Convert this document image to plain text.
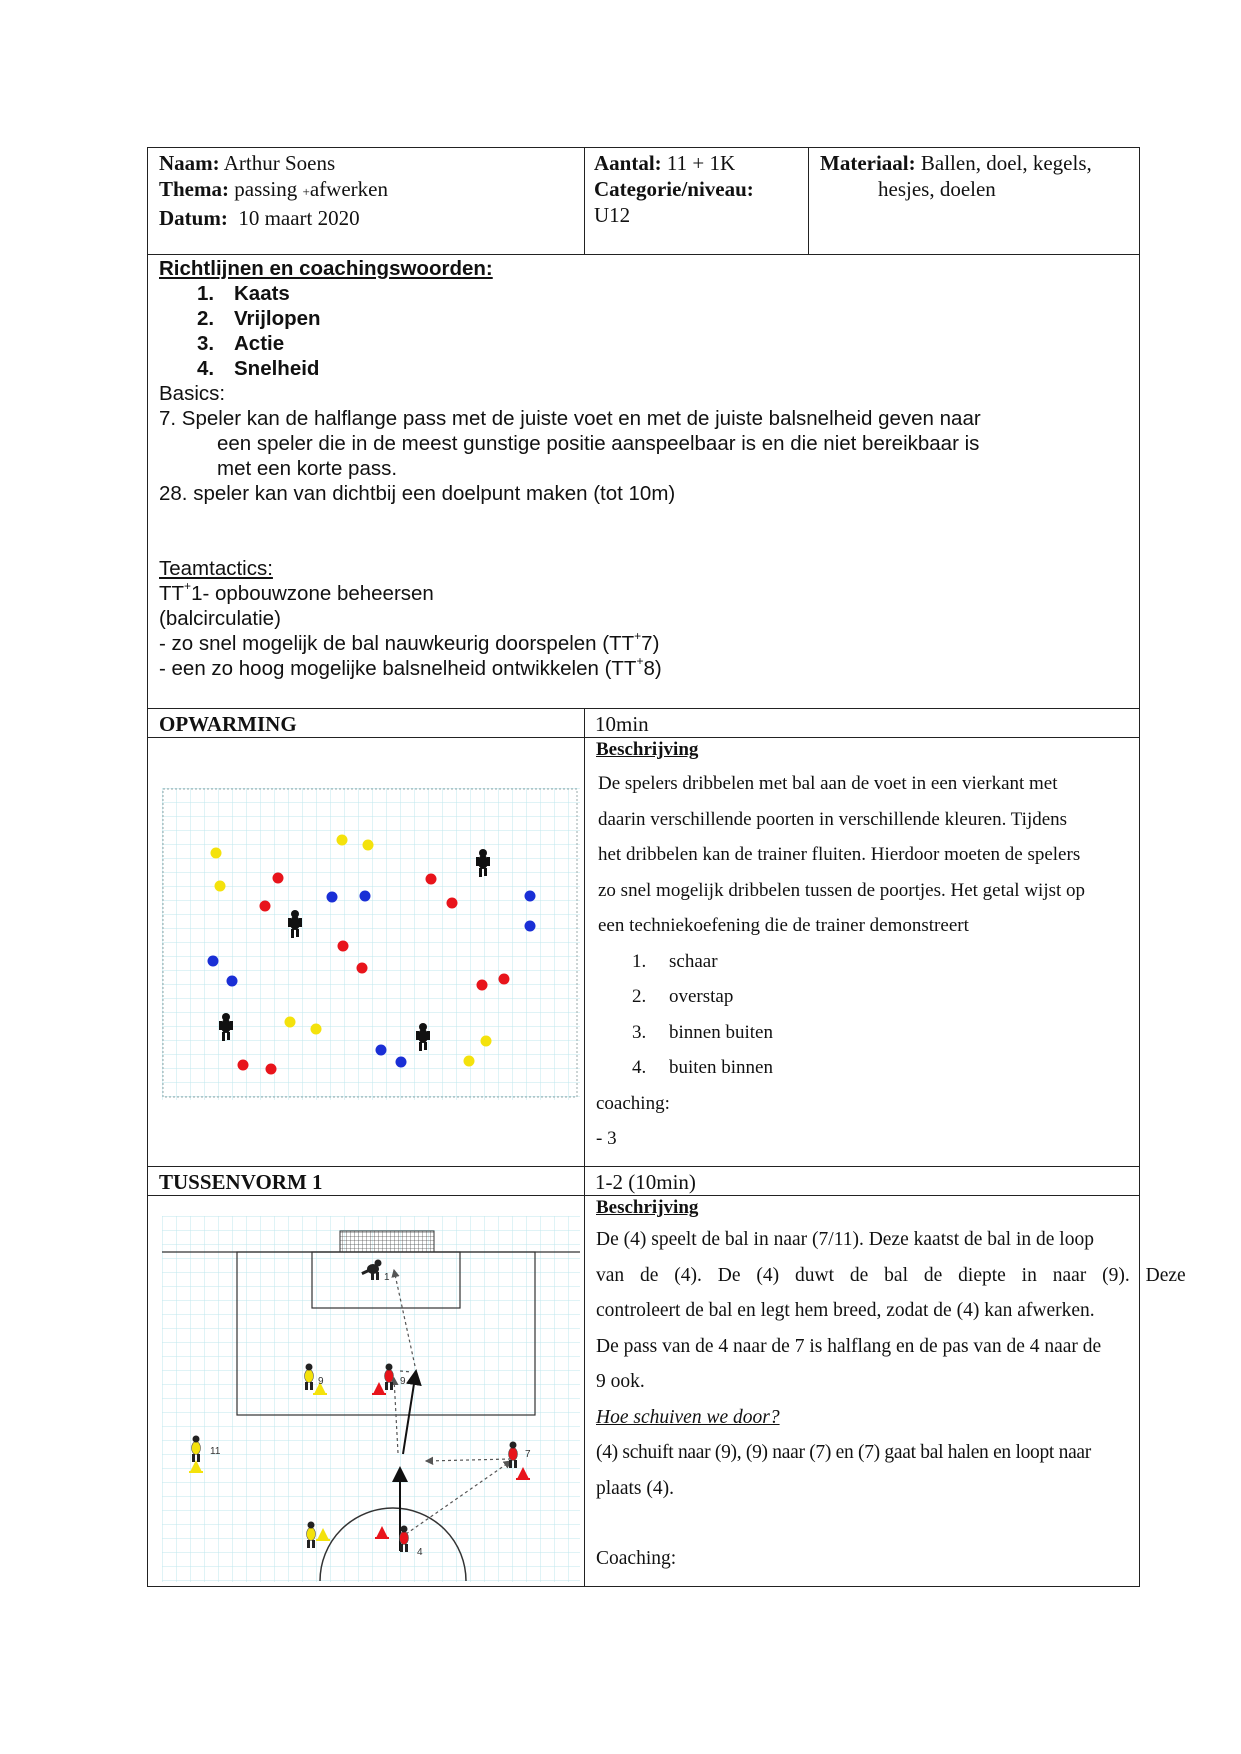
Naam: Arthur Soens
Thema: passing +afwerken
Datum: 10 maart 2020
Aantal: 11 + 1K
Categorie/niveau:
U12
Materiaal: Ballen, doel, kegels,
hesjes, doelen
Richtlijnen en coachingswoorden:
1. Kaats
2. Vrijlopen
3. Actie
4. Snelheid
Basics:
7. Speler kan de halflange pass met de juiste voet en met de juiste balsnelheid geven naar
een speler die in de meest gunstige positie aanspeelbaar is en die niet bereikbaar is
met een korte pass.
28. speler kan van dichtbij een doelpunt maken (tot 10m)
Teamtactics:
TT+1- opbouwzone beheersen
(balcirculatie)
- zo snel mogelijk de bal nauwkeurig doorspelen (TT+7)
- een zo hoog mogelijke balsnelheid ontwikkelen (TT+8)
OPWARMING	10min
Beschrijving
De spelers dribbelen met bal aan de voet in een vierkant met
daarin verschillende poorten in verschillende kleuren. Tijdens
het dribbelen kan de trainer fluiten. Hierdoor moeten de spelers
zo snel mogelijk dribbelen tussen de poortjes. Het getal wijst op
een techniekoefening die de trainer demonstreert
1. schaar
2. overstap
3. binnen buiten
4. buiten binnen
coaching:
- 3
TUSSENVORM 1	1-2 (10min)
1
9	9
11	7
4
Beschrijving
De (4) speelt de bal in naar (7/11). Deze kaatst de bal in de loop
van de (4). De (4) duwt de bal de diepte in naar (9). Deze
controleert de bal en legt hem breed, zodat de (4) kan afwerken.
De pass van de 4 naar de 7 is halflang en de pas van de 4 naar de
9 ook.
Hoe schuiven we door?
(4) schuift naar (9), (9) naar (7) en (7) gaat bal halen en loopt naar
plaats (4).
Coaching:
